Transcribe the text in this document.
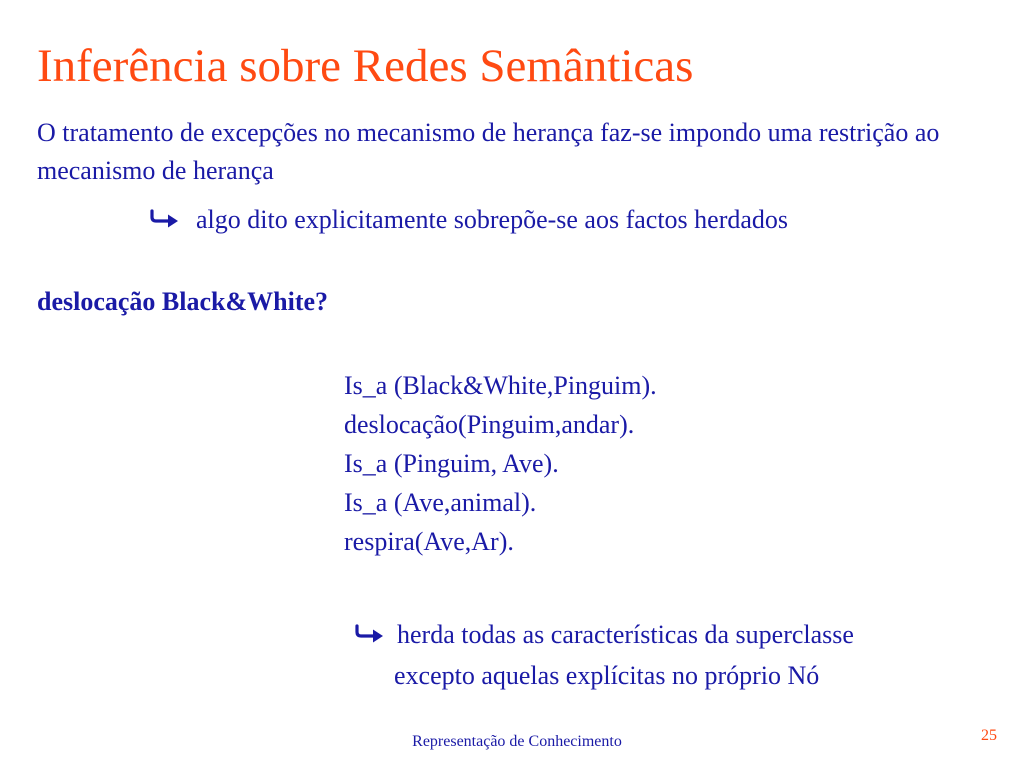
Inferência sobre Redes Semânticas
O tratamento de excepções no mecanismo de herança faz-se impondo uma restrição ao mecanismo de herança
algo dito explicitamente sobrepõe-se aos factos herdados
deslocação Black&White?
Is_a (Black&White,Pinguim).
deslocação(Pinguim,andar).
Is_a (Pinguim, Ave).
Is_a (Ave,animal).
respira(Ave,Ar).
herda todas as características da superclasse
excepto aquelas explícitas no próprio Nó
Representação de Conhecimento	25
